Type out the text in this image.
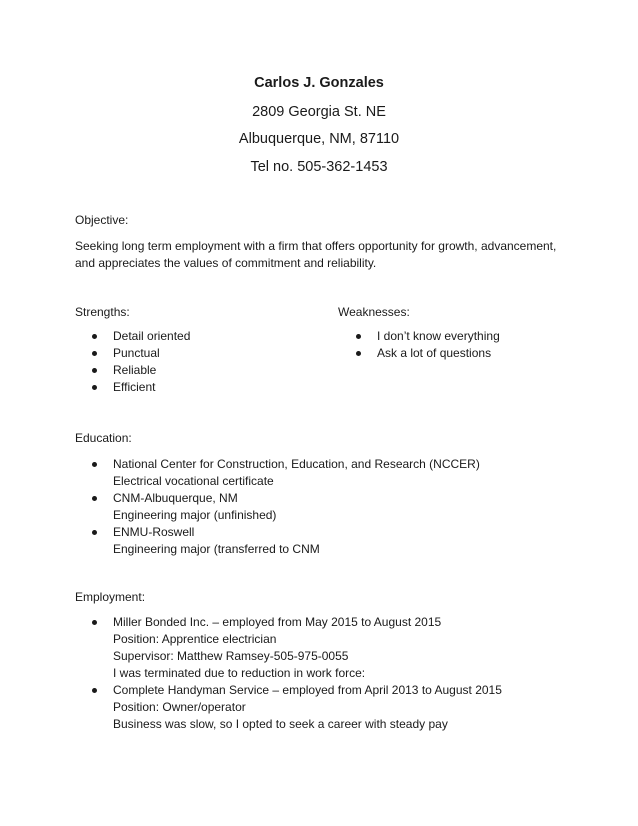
Carlos J. Gonzales
2809 Georgia St. NE
Albuquerque, NM, 87110
Tel no. 505-362-1453
Objective:
Seeking long term employment with a firm that offers opportunity for growth, advancement,
and appreciates the values of commitment and reliability.
Strengths:
Detail oriented
Punctual
Reliable
Efficient
Weaknesses:
I don’t know everything
Ask a lot of questions
Education:
National Center for Construction, Education, and Research (NCCER)
Electrical vocational certificate
CNM-Albuquerque, NM
Engineering major (unfinished)
ENMU-Roswell
Engineering major (transferred to CNM
Employment:
Miller Bonded Inc. – employed from May 2015 to August 2015
Position: Apprentice electrician
Supervisor: Matthew Ramsey-505-975-0055
I was terminated due to reduction in work force:
Complete Handyman Service – employed from April 2013 to August 2015
Position: Owner/operator
Business was slow, so I opted to seek a career with steady pay
